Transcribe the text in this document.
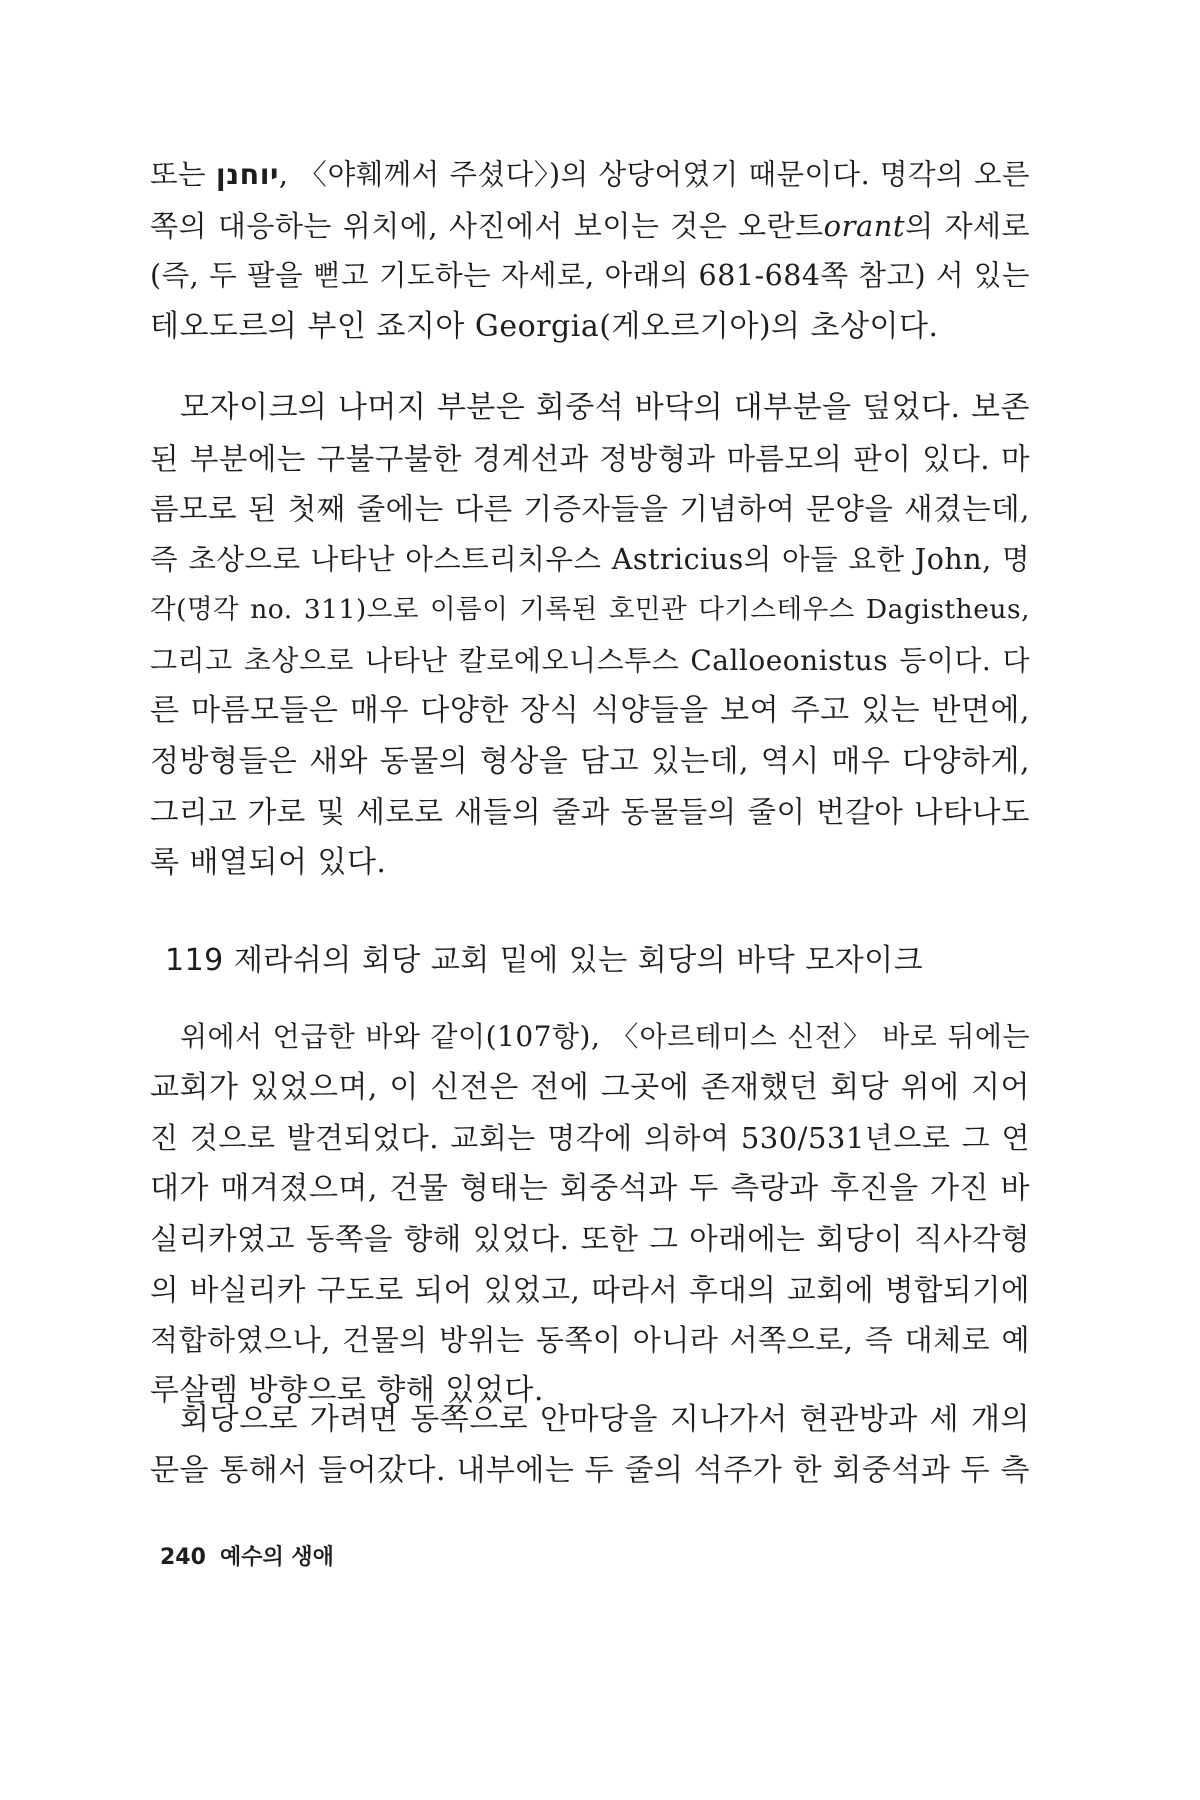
또는 יוחנן, 〈야훼께서 주셨다〉)의 상당어였기 때문이다. 명각의 오른
쪽의 대응하는 위치에, 사진에서 보이는 것은 오란트orant의 자세로
(즉, 두 팔을 뻗고 기도하는 자세로, 아래의 681-684쪽 참고) 서 있는
테오도르의 부인 죠지아 Georgia(게오르기아)의 초상이다.
모자이크의 나머지 부분은 회중석 바닥의 대부분을 덮었다. 보존
된 부분에는 구불구불한 경계선과 정방형과 마름모의 판이 있다. 마
름모로 된 첫째 줄에는 다른 기증자들을 기념하여 문양을 새겼는데,
즉 초상으로 나타난 아스트리치우스 Astricius의 아들 요한 John, 명
각(명각 no. 311)으로 이름이 기록된 호민관 다기스테우스 Dagistheus,
그리고 초상으로 나타난 칼로에오니스투스 Calloeonistus 등이다. 다
른 마름모들은 매우 다양한 장식 식양들을 보여 주고 있는 반면에,
정방형들은 새와 동물의 형상을 담고 있는데, 역시 매우 다양하게,
그리고 가로 및 세로로 새들의 줄과 동물들의 줄이 번갈아 나타나도
록 배열되어 있다.
119 제라쉬의 회당 교회 밑에 있는 회당의 바닥 모자이크
위에서 언급한 바와 같이(107항), 〈아르테미스 신전〉 바로 뒤에는
교회가 있었으며, 이 신전은 전에 그곳에 존재했던 회당 위에 지어
진 것으로 발견되었다. 교회는 명각에 의하여 530/531년으로 그 연
대가 매겨졌으며, 건물 형태는 회중석과 두 측랑과 후진을 가진 바
실리카였고 동쪽을 향해 있었다. 또한 그 아래에는 회당이 직사각형
의 바실리카 구도로 되어 있었고, 따라서 후대의 교회에 병합되기에
적합하였으나, 건물의 방위는 동쪽이 아니라 서쪽으로, 즉 대체로 예
루살렘 방향으로 향해 있었다.
회당으로 가려면 동쪽으로 안마당을 지나가서 현관방과 세 개의
문을 통해서 들어갔다. 내부에는 두 줄의 석주가 한 회중석과 두 측
240 예수의 생애
